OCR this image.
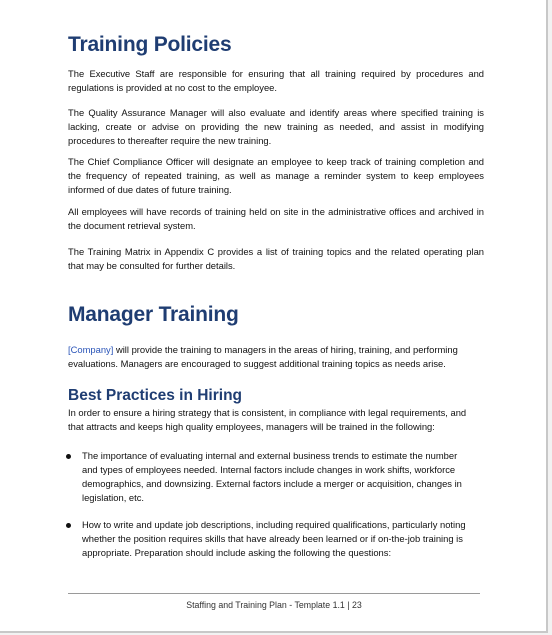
Training Policies

The Executive Staff are responsible for ensuring that all training required by procedures and regulations is provided at no cost to the employee.

The Quality Assurance Manager will also evaluate and identify areas where specified training is lacking, create or advise on providing the new training as needed, and assist in modifying procedures to thereafter require the new training.

The Chief Compliance Officer will designate an employee to keep track of training completion and the frequency of repeated training, as well as manage a reminder system to keep employees informed of due dates of future training.

All employees will have records of training held on site in the administrative offices and archived in the document retrieval system.

The Training Matrix in Appendix C provides a list of training topics and the related operating plan that may be consulted for further details.

Manager Training

[Company] will provide the training to managers in the areas of hiring, training, and performing evaluations. Managers are encouraged to suggest additional training topics as needs arise.

Best Practices in Hiring

In order to ensure a hiring strategy that is consistent, in compliance with legal requirements, and that attracts and keeps high quality employees, managers will be trained in the following:

The importance of evaluating internal and external business trends to estimate the number and types of employees needed. Internal factors include changes in work shifts, workforce demographics, and downsizing. External factors include a merger or acquisition, changes in legislation, etc.
How to write and update job descriptions, including required qualifications, particularly noting whether the position requires skills that have already been learned or if on-the-job training is appropriate. Preparation should include asking the following the questions:
Staffing and Training Plan - Template 1.1 | 23
